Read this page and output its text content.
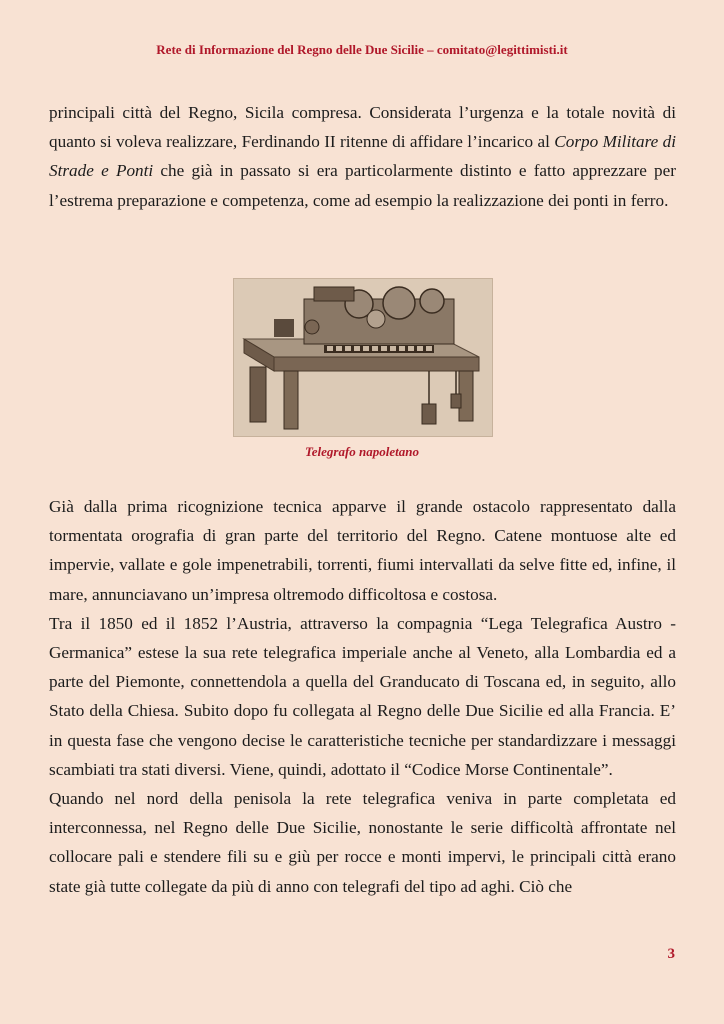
Rete di Informazione del Regno delle Due Sicilie – comitato@legittimisti.it

principali città del Regno, Sicila compresa. Considerata l’urgenza e la totale novità di quanto si voleva realizzare, Ferdinando II ritenne di affidare l’incarico al Corpo Militare di Strade e Ponti che già in passato si era particolarmente distinto e fatto apprezzare per l’estrema preparazione e competenza, come ad esempio la realizzazione dei ponti in ferro.

Telegrafo napoletano

Già dalla prima ricognizione tecnica apparve il grande ostacolo rappresentato dalla tormentata orografia di gran parte del territorio del Regno. Catene montuose alte ed impervie, vallate e gole impenetrabili, torrenti, fiumi intervallati da selve fitte ed, infine, il mare, annunciavano un’impresa oltremodo difficoltosa e costosa.

Tra il 1850 ed il 1852 l’Austria, attraverso la compagnia “Lega Telegrafica Austro - Germanica” estese la sua rete telegrafica imperiale anche al Veneto, alla Lombardia ed a parte del Piemonte, connettendola a quella del Granducato di Toscana ed, in seguito, allo Stato della Chiesa. Subito dopo fu collegata al Regno delle Due Sicilie ed alla Francia. E’ in questa fase che vengono decise le caratteristiche tecniche per standardizzare i messaggi scambiati tra stati diversi. Viene, quindi, adottato il “Codice Morse Continentale”.

Quando nel nord della penisola la rete telegrafica veniva in parte completata ed interconnessa, nel Regno delle Due Sicilie, nonostante le serie difficoltà affrontate nel collocare pali e stendere fili su e giù per rocce e monti impervi, le principali città erano state già tutte collegate da più di anno con telegrafi del tipo ad aghi. Ciò che

3
